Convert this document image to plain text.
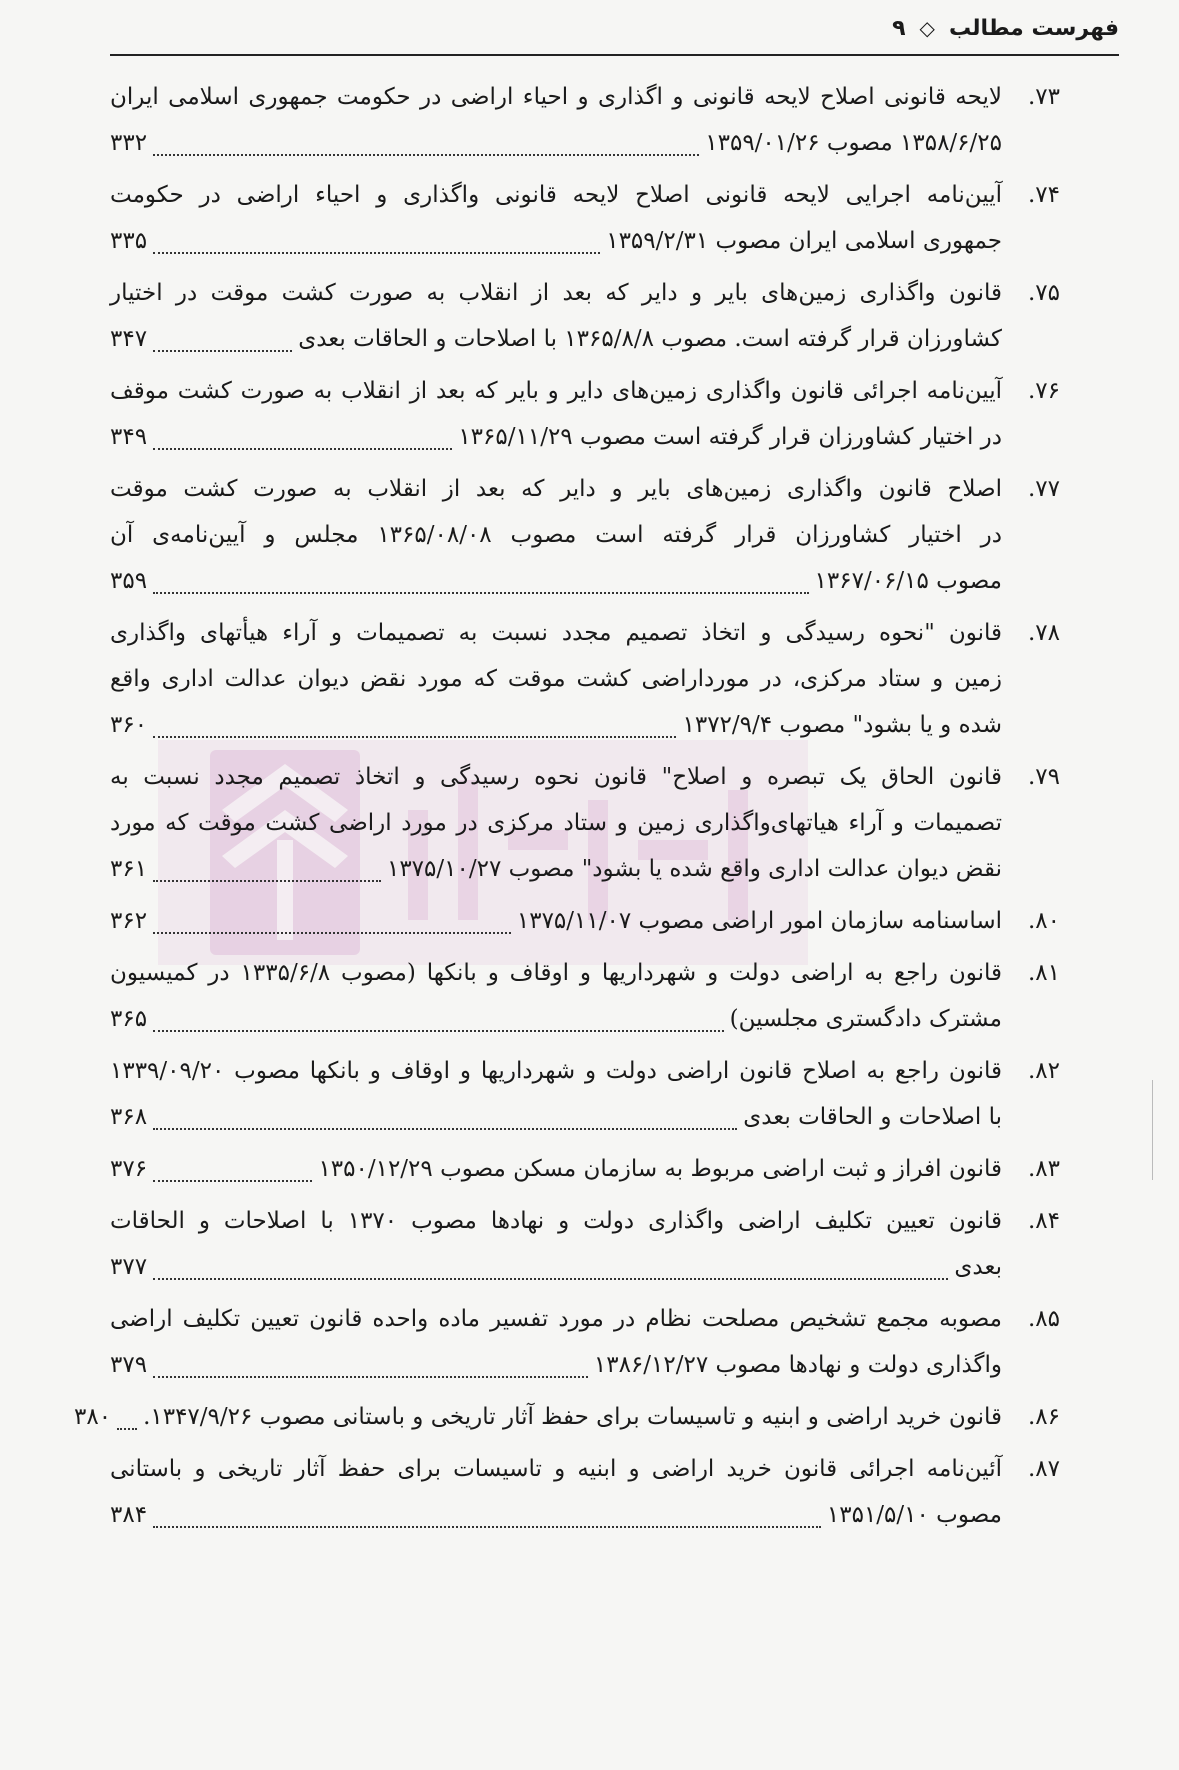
فهرست مطالب
◇
۹
۷۳.
لایحه قانونی اصلاح لایحه قانونی و اگذاری و احیاء اراضی در حکومت جمهوری اسلامی ایران
۱۳۵۸/۶/۲۵ مصوب ۱۳۵۹/۰۱/۲۶
۳۳۲
۷۴.
آیین‌نامه اجرایی لایحه قانونی اصلاح لایحه قانونی واگذاری و احیاء اراضی در حکومت
جمهوری اسلامی ایران مصوب ۱۳۵۹/۲/۳۱
۳۳۵
۷۵.
قانون واگذاری زمین‌های بایر و دایر که بعد از انقلاب به صورت کشت موقت در اختیار
کشاورزان قرار گرفته است. مصوب ۱۳۶۵/۸/۸ با اصلاحات و الحاقات بعدی
۳۴۷
۷۶.
آیین‌نامه اجرائی قانون واگذاری زمین‌های دایر و بایر که بعد از انقلاب به صورت کشت موقف
در اختیار کشاورزان قرار گرفته است مصوب ۱۳۶۵/۱۱/۲۹
۳۴۹
۷۷.
اصلاح قانون واگذاری زمین‌های بایر و دایر که بعد از انقلاب به صورت کشت موقت
در اختیار کشاورزان قرار گرفته است مصوب ۱۳۶۵/۰۸/۰۸ مجلس و آیین‌نامه‌ی آن
مصوب ۱۳۶۷/۰۶/۱۵
۳۵۹
۷۸.
قانون "نحوه رسیدگی و اتخاذ تصمیم مجدد نسبت به تصمیمات و آراء هیأتهای واگذاری
زمین و ستاد مرکزی، در مورداراضی کشت موقت که مورد نقض دیوان عدالت اداری واقع
شده و یا بشود" مصوب ۱۳۷۲/۹/۴
۳۶۰
۷۹.
قانون الحاق یک تبصره و اصلاح" قانون نحوه رسیدگی و اتخاذ تصمیم مجدد نسبت به
تصمیمات و آراء هیاتهای‌واگذاری زمین و ستاد مرکزی در مورد اراضی کشت موقت که مورد
نقض دیوان عدالت اداری واقع شده یا بشود" مصوب ۱۳۷۵/۱۰/۲۷
۳۶۱
۸۰.
اساسنامه سازمان امور اراضی مصوب ۱۳۷۵/۱۱/۰۷
۳۶۲
۸۱.
قانون راجع به اراضی دولت و شهرداریها و اوقاف و بانکها (مصوب ۱۳۳۵/۶/۸ در کمیسیون
مشترک دادگستری مجلسین)
۳۶۵
۸۲.
قانون راجع به اصلاح قانون اراضی دولت و شهرداریها و اوقاف و بانکها مصوب ۱۳۳۹/۰۹/۲۰
با اصلاحات و الحاقات بعدی
۳۶۸
۸۳.
قانون افراز و ثبت اراضی مربوط به سازمان مسکن مصوب ۱۳۵۰/۱۲/۲۹
۳۷۶
۸۴.
قانون تعیین تکلیف اراضی واگذاری دولت و نهادها مصوب ۱۳۷۰ با اصلاحات و الحاقات
بعدی
۳۷۷
۸۵.
مصوبه مجمع تشخیص مصلحت نظام در مورد تفسیر ماده واحده قانون تعیین تکلیف اراضی
واگذاری دولت و نهادها مصوب ۱۳۸۶/۱۲/۲۷
۳۷۹
۸۶.
قانون خرید اراضی و ابنیه و تاسیسات برای حفظ آثار تاریخی و باستانی مصوب ۱۳۴۷/۹/۲۶.
۳۸۰
۸۷.
آئین‌نامه اجرائی قانون خرید اراضی و ابنیه و تاسیسات برای حفظ آثار تاریخی و باستانی
مصوب ۱۳۵۱/۵/۱۰
۳۸۴
